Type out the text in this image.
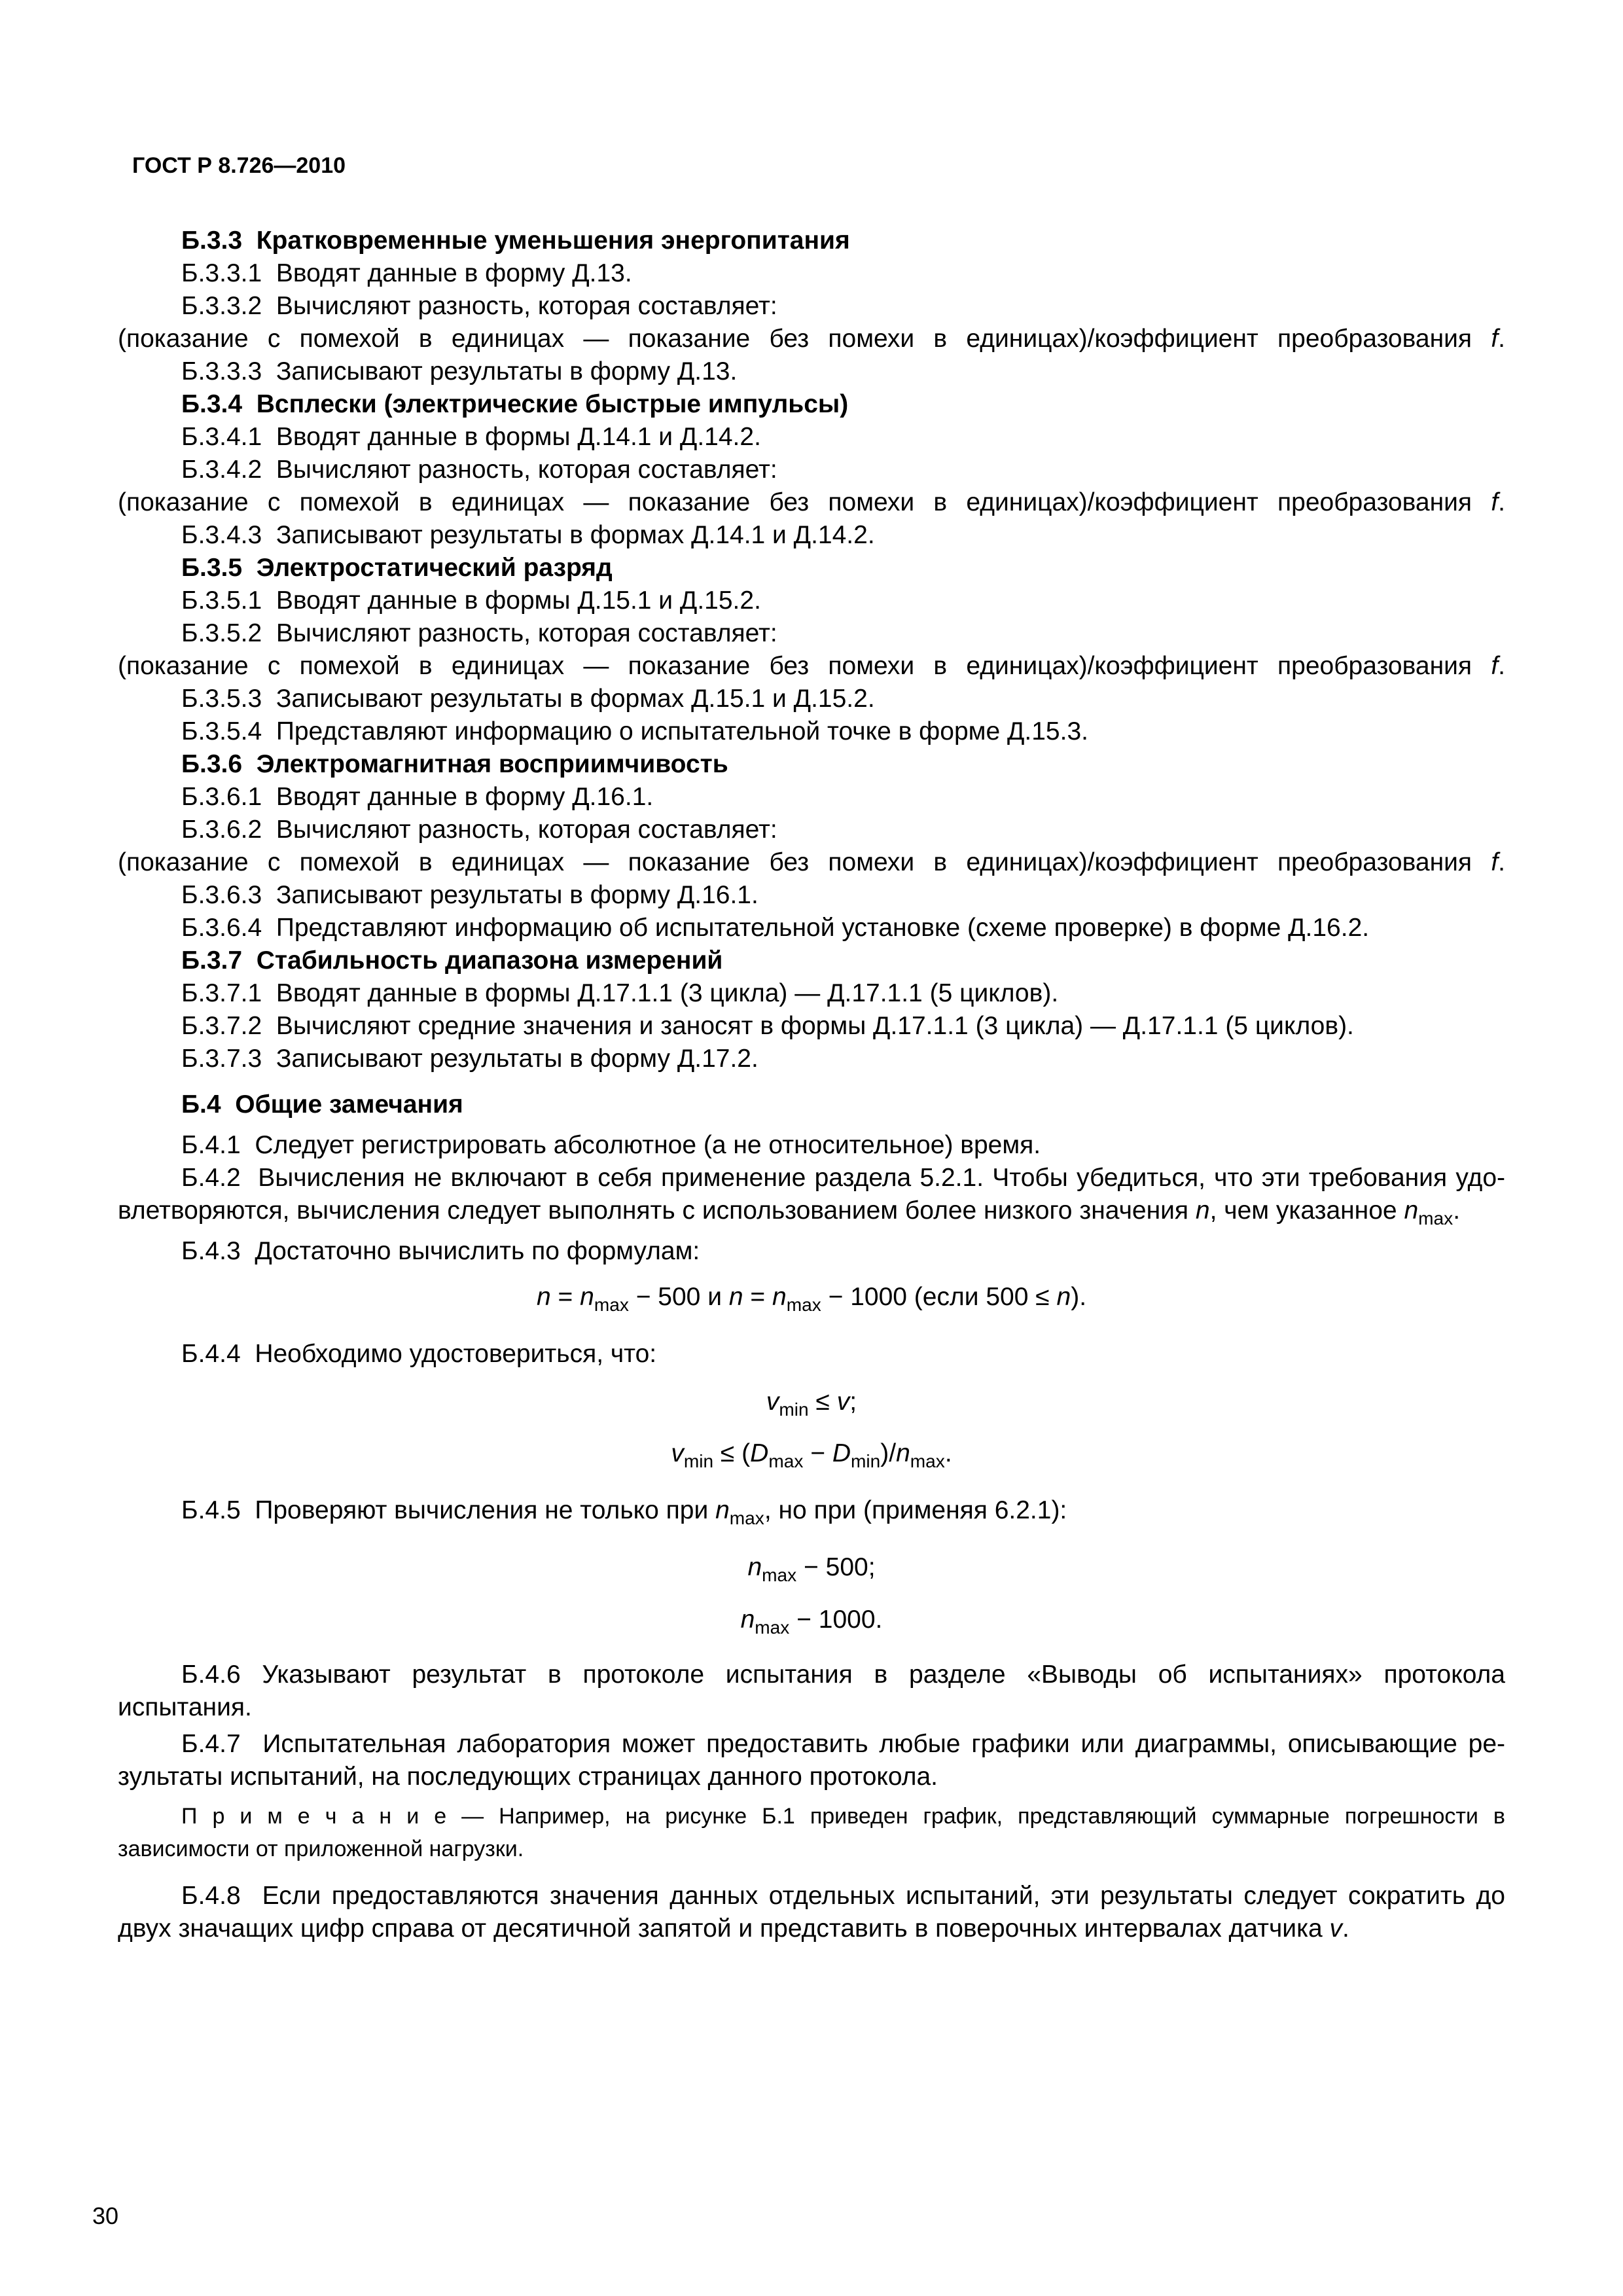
ГОСТ Р 8.726—2010
Б.3.3  Кратковременные уменьшения энергопитания
Б.3.3.1  Вводят данные в форму Д.13.
Б.3.3.2  Вычисляют разность, которая составляет:
(показание с помехой в единицах — показание без помехи в единицах)/коэффициент преобразования f.
Б.3.3.3  Записывают результаты в форму Д.13.
Б.3.4  Всплески (электрические быстрые импульсы)
Б.3.4.1  Вводят данные в формы Д.14.1 и Д.14.2.
Б.3.4.2  Вычисляют разность, которая составляет:
(показание с помехой в единицах — показание без помехи в единицах)/коэффициент преобразования f.
Б.3.4.3  Записывают результаты в формах Д.14.1 и Д.14.2.
Б.3.5  Электростатический разряд
Б.3.5.1  Вводят данные в формы Д.15.1 и Д.15.2.
Б.3.5.2  Вычисляют разность, которая составляет:
(показание с помехой в единицах — показание без помехи в единицах)/коэффициент преобразования f.
Б.3.5.3  Записывают результаты в формах Д.15.1 и Д.15.2.
Б.3.5.4  Представляют информацию о испытательной точке в форме Д.15.3.
Б.3.6  Электромагнитная восприимчивость
Б.3.6.1  Вводят данные в форму Д.16.1.
Б.3.6.2  Вычисляют разность, которая составляет:
(показание с помехой в единицах — показание без помехи в единицах)/коэффициент преобразования f.
Б.3.6.3  Записывают результаты в форму Д.16.1.
Б.3.6.4  Представляют информацию об испытательной установке (схеме проверке) в форме Д.16.2.
Б.3.7  Стабильность диапазона измерений
Б.3.7.1  Вводят данные в формы Д.17.1.1 (3 цикла) — Д.17.1.1 (5 циклов).
Б.3.7.2  Вычисляют средние значения и заносят в формы Д.17.1.1 (3 цикла) — Д.17.1.1 (5 циклов).
Б.3.7.3  Записывают результаты в форму Д.17.2.
Б.4  Общие замечания
Б.4.1  Следует регистрировать абсолютное (а не относительное) время.
Б.4.2  Вычисления не включают в себя применение раздела 5.2.1. Чтобы убедиться, что эти требования удо-
влетворяются, вычисления следует выполнять с использованием более низкого значения n, чем указанное $n_{max}$.
Б.4.3  Достаточно вычислить по формулам:
$n = n_{max} - 500$ и $n = n_{max} - 1000$ (если 500 ≤ n).
Б.4.4  Необходимо удостовериться, что:
$v_{min} \le v$;
$v_{min} \le (D_{max} - D_{min})/n_{max}$.
Б.4.5  Проверяют вычисления не только при $n_{max}$, но при (применяя 6.2.1):
$n_{max} - 500$;
$n_{max} - 1000$.
Б.4.6 Указывают результат в протоколе испытания в разделе «Выводы об испытаниях» протокола
испытания.
Б.4.7  Испытательная лаборатория может предоставить любые графики или диаграммы, описывающие ре-
зультаты испытаний, на последующих страницах данного протокола.
П р и м е ч а н и е — Например, на рисунке Б.1 приведен график, представляющий суммарные погрешности в
зависимости от приложенной нагрузки.
Б.4.8  Если предоставляются значения данных отдельных испытаний, эти результаты следует сократить до
двух значащих цифр справа от десятичной запятой и представить в поверочных интервалах датчика v.
30
